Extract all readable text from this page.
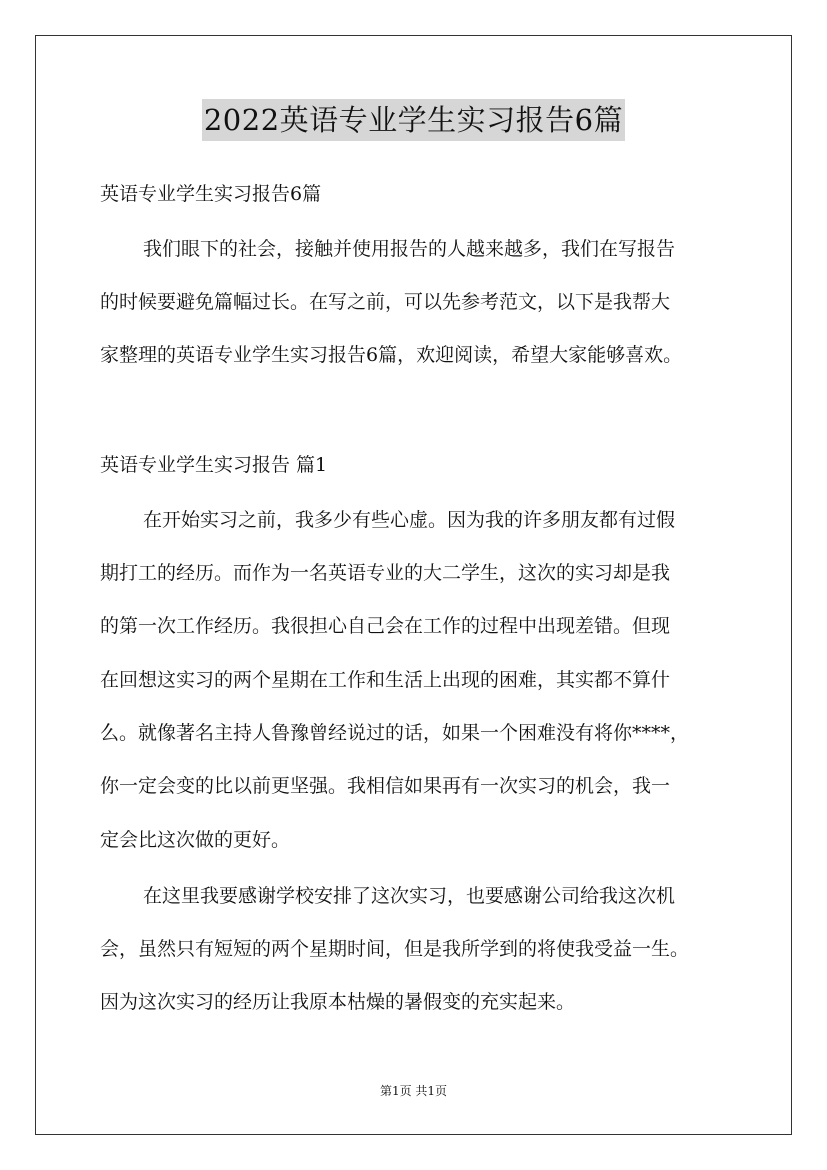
2022英语专业学生实习报告6篇
英语专业学生实习报告6篇
我们眼下的社会，接触并使用报告的人越来越多，我们在写报告
的时候要避免篇幅过长。在写之前，可以先参考范文，以下是我帮大
家整理的英语专业学生实习报告6篇，欢迎阅读，希望大家能够喜欢。
英语专业学生实习报告 篇1
在开始实习之前，我多少有些心虚。因为我的许多朋友都有过假
期打工的经历。而作为一名英语专业的大二学生，这次的实习却是我
的第一次工作经历。我很担心自己会在工作的过程中出现差错。但现
在回想这实习的两个星期在工作和生活上出现的困难，其实都不算什
么。就像著名主持人鲁豫曾经说过的话，如果一个困难没有将你****，
你一定会变的比以前更坚强。我相信如果再有一次实习的机会，我一
定会比这次做的更好。
在这里我要感谢学校安排了这次实习，也要感谢公司给我这次机
会，虽然只有短短的两个星期时间，但是我所学到的将使我受益一生。
因为这次实习的经历让我原本枯燥的暑假变的充实起来。
第1页 共1页
